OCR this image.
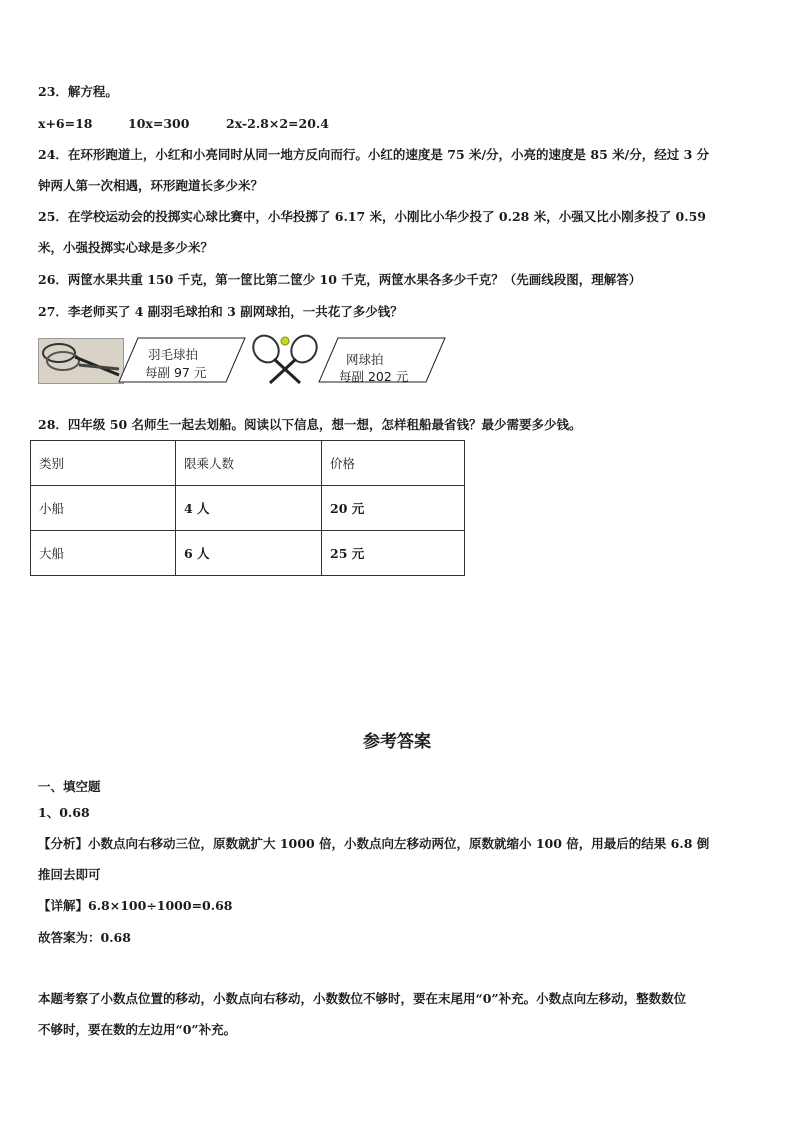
23．解方程。
x+6=18	10x=300	2x-2.8×2=20.4
24．在环形跑道上，小红和小亮同时从同一地方反向而行。小红的速度是 75 米/分，小亮的速度是 85 米/分，经过 3 分
钟两人第一次相遇，环形跑道长多少米？
25．在学校运动会的投掷实心球比赛中，小华投掷了 6.17 米，小刚比小华少投了 0.28 米，小强又比小刚多投了 0.59
米，小强投掷实心球是多少米？
26．两筐水果共重 150 千克，第一筐比第二筐少 10 千克，两筐水果各多少千克？（先画线段图，理解答）
27．李老师买了 4 副羽毛球拍和 3 副网球拍，一共花了多少钱？
羽毛球拍
每副 97 元
网球拍
每副 202 元
28．四年级 50 名师生一起去划船。阅读以下信息，想一想，怎样租船最省钱？最少需要多少钱。
类别	限乘人数	价格
小船	4 人	20 元
大船	6 人	25 元
参考答案
一、填空题
1、0.68
【分析】小数点向右移动三位，原数就扩大 1000 倍，小数点向左移动两位，原数就缩小 100 倍，用最后的结果 6.8 倒
推回去即可
【详解】6.8×100÷1000=0.68
故答案为：0.68
本题考察了小数点位置的移动，小数点向右移动，小数数位不够时，要在末尾用“0”补充。小数点向左移动，整数数位
不够时，要在数的左边用“0”补充。
